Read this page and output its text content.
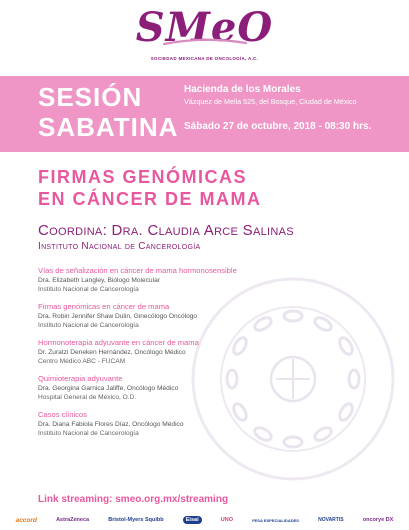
SMeO
SOCIEDAD MEXICANA DE ONCOLOGÍA, A.C.
SESIÓN
SABATINA
Hacienda de los Morales
Vázquez de Mella 525, del Bosque, Ciudad de México
Sábado 27 de octubre, 2018 - 08:30 hrs.
FIRMAS GENÓMICAS
EN CÁNCER DE MAMA
Coordina: Dra. Claudia Arce Salinas
Instituto Nacional de Cancerología
Vías de señalización en cáncer de mama hormonosensible
Dra. Elizabeth Langley, Biólogo Molecular
Instituto Nacional de Cancerología
Firmas genómicas en cáncer de mama
Dra. Robin Jennifer Shaw Dulin, Ginecólogo Oncólogo
Instituto Nacional de Cancerología
Hormonoterapia adyuvante en cáncer de mama
Dr. Zuratzi Deneken Hernández, Oncólogo Médico
Centro Médico ABC - FUCAM
Quimioterapia adyuvante
Dra. Georgina Garnica Jaliffe, Oncólogo Médico
Hospital General de México, O.D.
Casos clínicos
Dra. Diana Fabiola Flores Díaz, Oncólogo Médico
Instituto Nacional de Cancerología
Link streaming: smeo.org.mx/streaming
accord	AstraZeneca	Bristol-Myers Squibb	Eisai	UNO	FESA ESPECIALIDADES	NOVARTIS	oncorye DX
